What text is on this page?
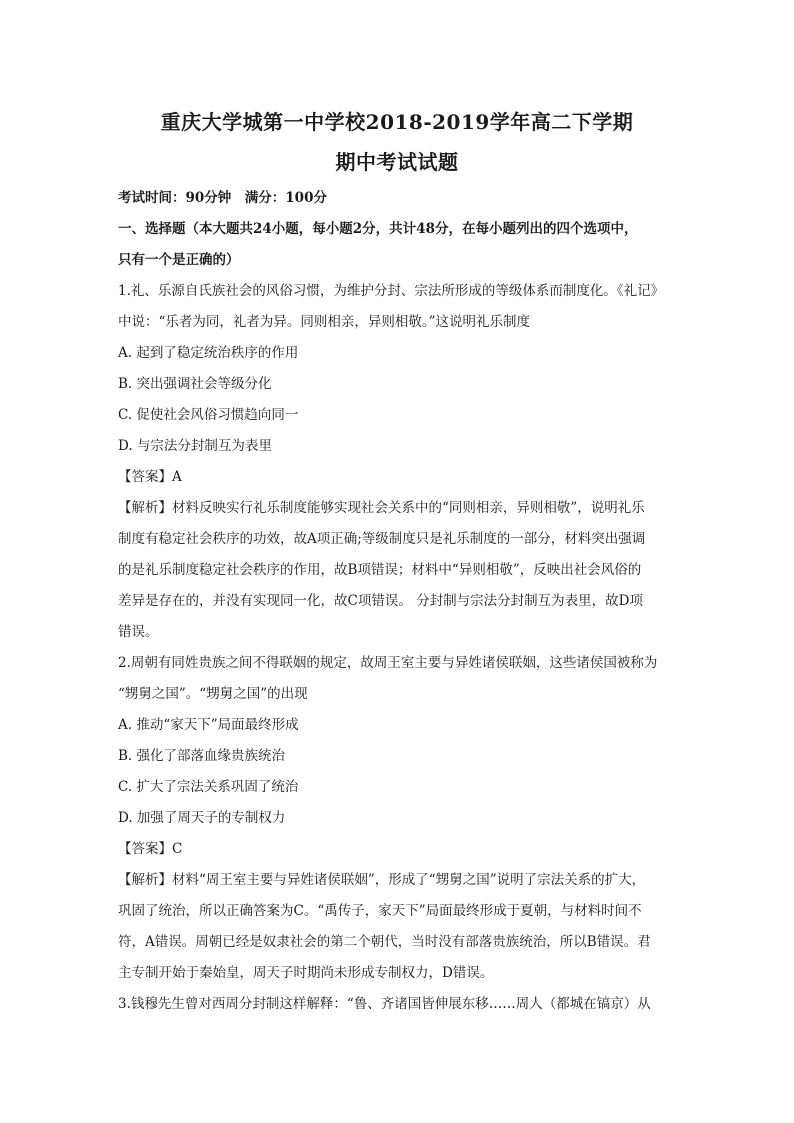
重庆大学城第一中学校2018-2019学年高二下学期
期中考试试题
考试时间：90分钟　满分：100分
一、选择题（本大题共24小题，每小题2分，共计48分，在每小题列出的四个选项中，
只有一个是正确的）
1.礼、乐源自氏族社会的风俗习惯，为维护分封、宗法所形成的等级体系而制度化。《礼记》
中说：“乐者为同，礼者为异。同则相亲，异则相敬。”这说明礼乐制度
A. 起到了稳定统治秩序的作用
B. 突出强调社会等级分化
C. 促使社会风俗习惯趋向同一
D. 与宗法分封制互为表里
【答案】A
【解析】材料反映实行礼乐制度能够实现社会关系中的“同则相亲，异则相敬”，说明礼乐
制度有稳定社会秩序的功效，故A项正确;等级制度只是礼乐制度的一部分，材料突出强调
的是礼乐制度稳定社会秩序的作用，故B项错误；材料中“异则相敬”，反映出社会风俗的
差异是存在的，并没有实现同一化，故C项错误。 分封制与宗法分封制互为表里，故D项
错误。
2.周朝有同姓贵族之间不得联姻的规定，故周王室主要与异姓诸侯联姻，这些诸侯国被称为
“甥舅之国”。“甥舅之国”的出现
A. 推动“家天下”局面最终形成
B. 强化了部落血缘贵族统治
C. 扩大了宗法关系巩固了统治
D. 加强了周天子的专制权力
【答案】C
【解析】材料“周王室主要与异姓诸侯联姻”，形成了“甥舅之国”说明了宗法关系的扩大，
巩固了统治，所以正确答案为C。“禹传子，家天下”局面最终形成于夏朝，与材料时间不
符，A错误。周朝已经是奴隶社会的第二个朝代，当时没有部落贵族统治，所以B错误。君
主专制开始于秦始皇，周天子时期尚未形成专制权力，D错误。
3.钱穆先生曾对西周分封制这样解释：“鲁、齐诸国皆伸展东移……周人（都城在镐京）从
